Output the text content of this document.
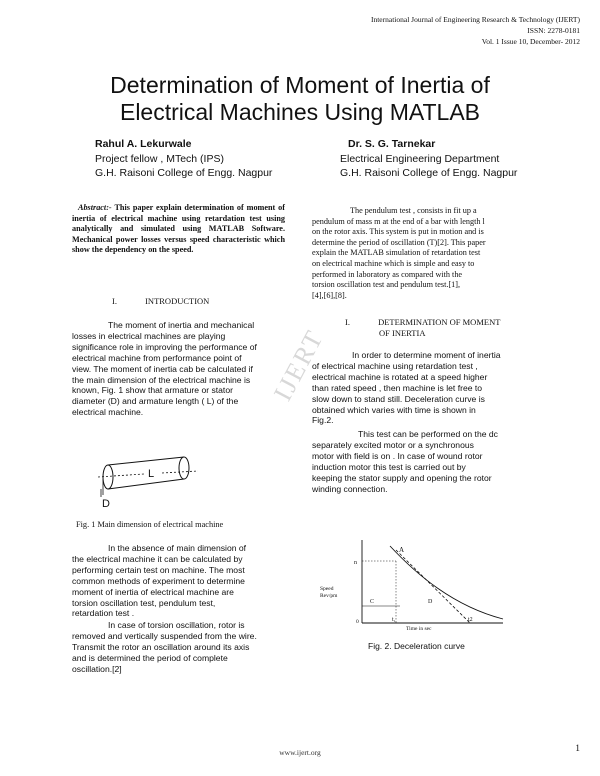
International Journal of Engineering Research & Technology (IJERT)
ISSN: 2278-0181
Vol. 1 Issue 10, December- 2012
Determination of Moment of Inertia of
Electrical Machines Using MATLAB
Rahul A. Lekurwale
Project fellow , MTech (IPS)
G.H. Raisoni College of Engg. Nagpur
Dr. S. G. Tarnekar
Electrical Engineering Department
G.H. Raisoni College of Engg. Nagpur
Abstract:- This paper explain determination of moment of inertia of electrical machine using retardation test using analytically and simulated using MATLAB Software. Mechanical power losses versus speed characteristic which show the dependency on the speed.
I.	INTRODUCTION
The moment of inertia and mechanical
losses in electrical machines are playing
significance role in improving the performance of
electrical machine from performance point of
view. The moment of inertia cab be calculated if
the main dimension of the electrical machine is
known, Fig. 1 show that armature or stator
diameter (D) and armature length ( L) of the
electrical machine.
L
D
Fig. 1 Main dimension of electrical machine
In the absence of main dimension of
the electrical machine it can be calculated by
performing certain test on machine. The most
common methods of experiment to determine
moment of inertia of electrical machine are
torsion oscillation test, pendulum test,
retardation test .
In case of torsion oscillation, rotor is
removed and vertically suspended from the wire.
Transmit the rotor an oscillation around its axis
and is determined the period of complete
oscillation.[2]
The pendulum test , consists in fit up a
pendulum of mass m at the end of a bar with length l
on the rotor axis. This system is put in motion and is
determine the period of oscillation (T)[2]. This paper
explain the MATLAB simulation of retardation test
on electrical machine which is simple and easy to
performed in laboratory as compared with the
torsion oscillation test and pendulum test.[1],
[4],[6],[8].
I.	DETERMINATION OF MOMENT
OF INERTIA
In order to determine moment of inertia
of electrical machine using retardation test ,
electrical machine is rotated at a speed higher
than rated speed , then machine is let free to
slow down to stand still. Deceleration curve is
obtained which varies with time is shown in
Fig.2.
This test can be performed on the dc
separately excited motor or a synchronous
motor with field is on . In case of wound rotor
induction motor this test is carried out by
keeping the stator supply and opening the rotor
winding connection.
A
n
C	D
t₁	t2
0
Speed
Rev/pm
Time in sec
Fig. 2. Deceleration curve
IJERT
www.ijert.org	1
